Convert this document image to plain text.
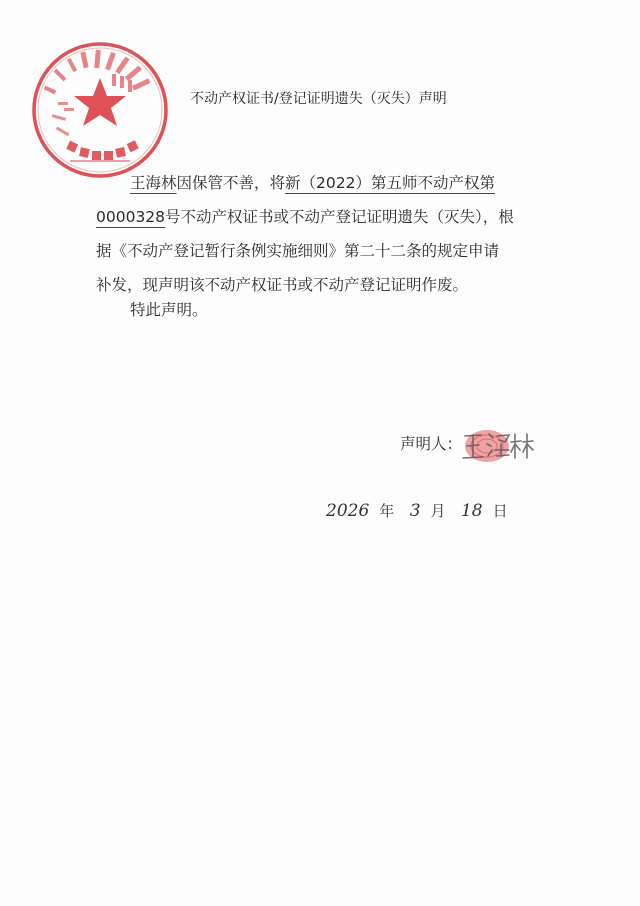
不动产权证书/登记证明遗失（灭失）声明
王海林因保管不善，将新（2022）第五师不动产权第
0000328号不动产权证书或不动产登记证明遗失（灭失），根
据《不动产登记暂行条例实施细则》第二十二条的规定申请
补发，现声明该不动产权证书或不动产登记证明作废。
特此声明。
声明人：
王海林
2026 年 3 月 18 日
